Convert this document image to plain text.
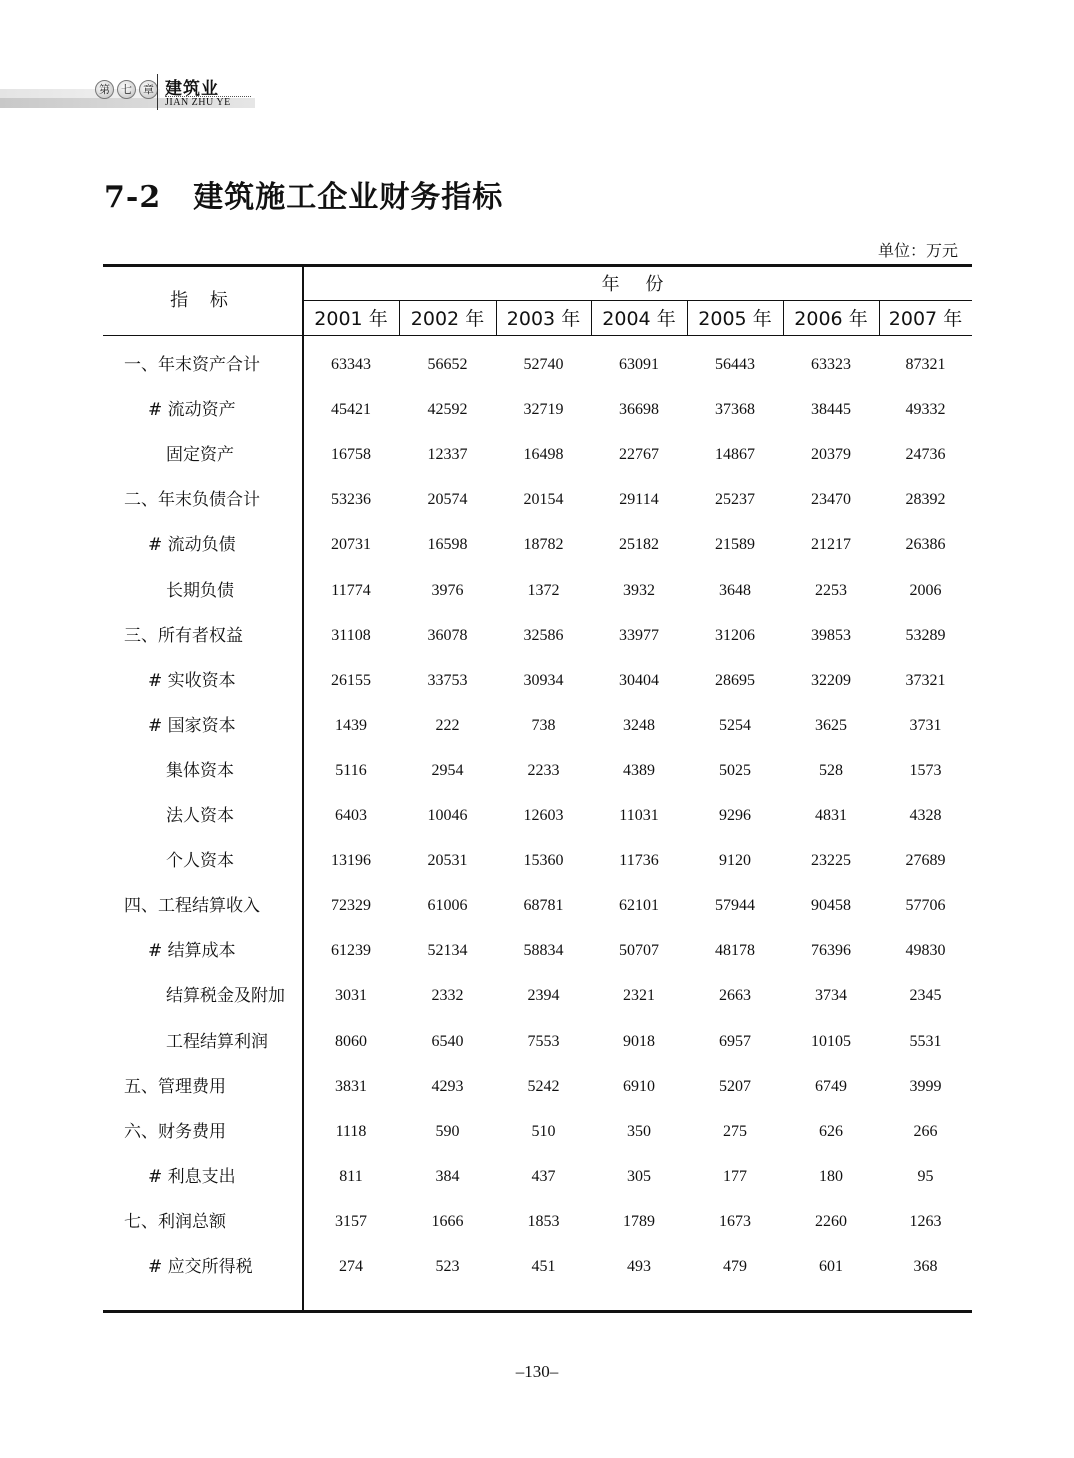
第	七	章 建筑业
JIAN ZHU YE
7-2 建筑施工企业财务指标
单位：万元
指 标
年 份
2001 年	2002 年	2003 年	2004 年	2005 年	2006 年	2007 年
一、年末资产合计	63343	56652	52740	63091	56443	63323	87321
# 流动资产	45421	42592	32719	36698	37368	38445	49332
固定资产	16758	12337	16498	22767	14867	20379	24736
二、年末负债合计	53236	20574	20154	29114	25237	23470	28392
# 流动负债	20731	16598	18782	25182	21589	21217	26386
长期负债	11774	3976	1372	3932	3648	2253	2006
三、所有者权益	31108	36078	32586	33977	31206	39853	53289
# 实收资本	26155	33753	30934	30404	28695	32209	37321
# 国家资本	1439	222	738	3248	5254	3625	3731
集体资本	5116	2954	2233	4389	5025	528	1573
法人资本	6403	10046	12603	11031	9296	4831	4328
个人资本	13196	20531	15360	11736	9120	23225	27689
四、工程结算收入	72329	61006	68781	62101	57944	90458	57706
# 结算成本	61239	52134	58834	50707	48178	76396	49830
结算税金及附加	3031	2332	2394	2321	2663	3734	2345
工程结算利润	8060	6540	7553	9018	6957	10105	5531
五、管理费用	3831	4293	5242	6910	5207	6749	3999
六、财务费用	1118	590	510	350	275	626	266
# 利息支出	811	384	437	305	177	180	95
七、利润总额	3157	1666	1853	1789	1673	2260	1263
# 应交所得税	274	523	451	493	479	601	368
–130–
